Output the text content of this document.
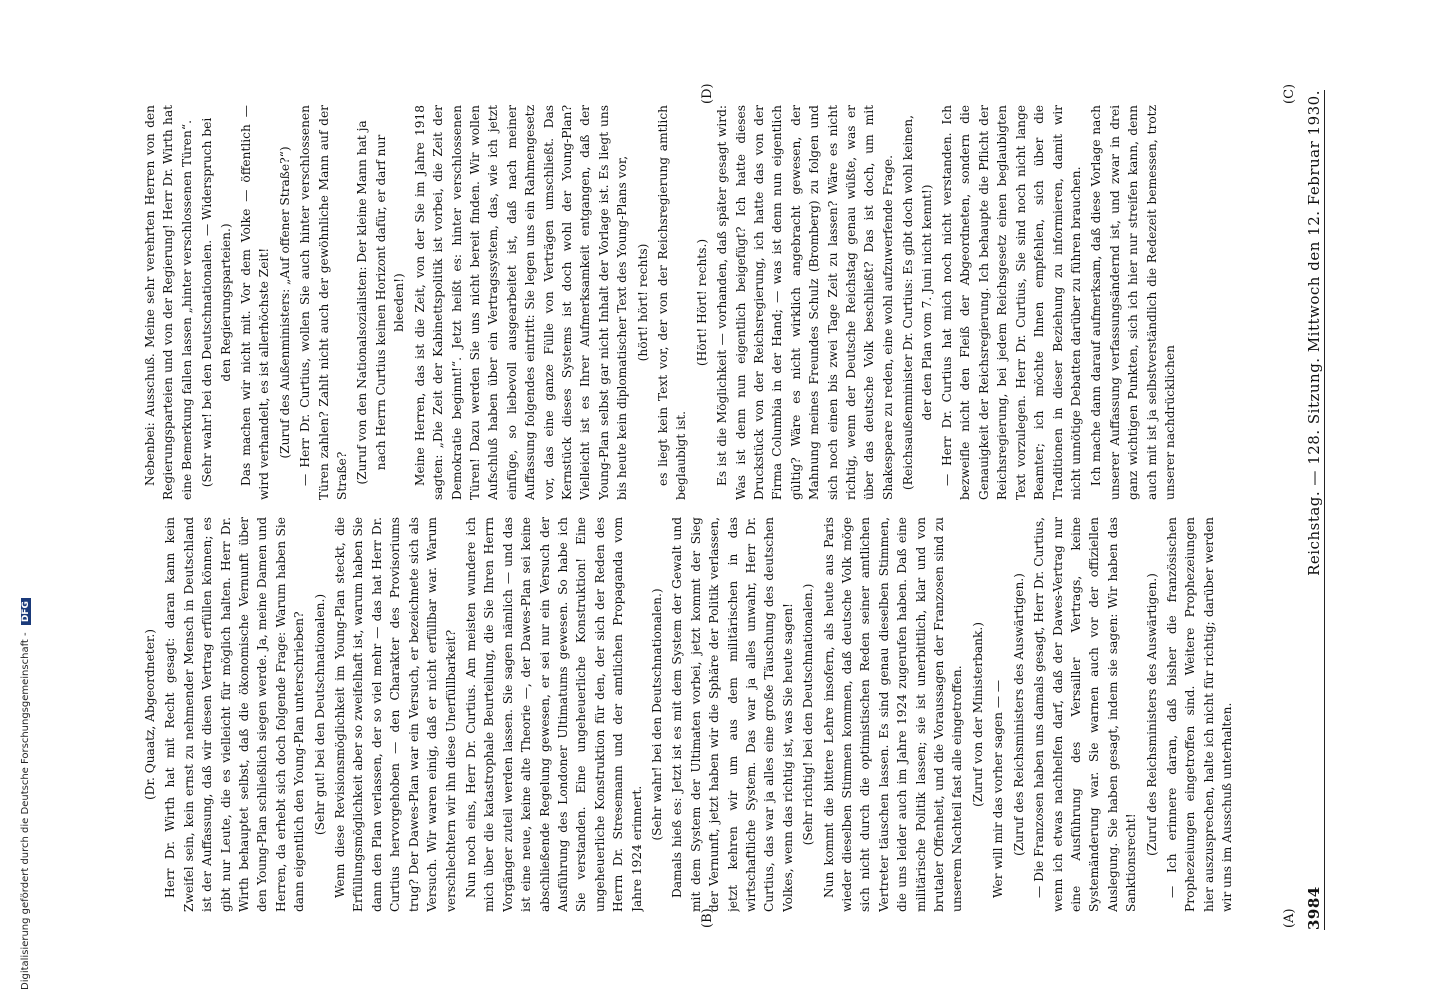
3984
Reichstag. — 128. Sitzung. Mittwoch den 12. Februar 1930.
(A)
(B)
(C)
(D)

(Dr. Quaatz, Abgeordneter.) Herr Dr. Wirth hat mit Recht gesagt: daran kann kein Zweifel sein, kein ernst zu nehmender Mensch in Deutschland ist der Auffassung, daß wir diesen Vertrag erfüllen können; es gibt nur Leute, die es vielleicht für möglich halten. Herr Dr. Wirth behauptet selbst, daß die ökonomische Vernunft über den Young-Plan schließlich siegen werde. Ja, meine Damen und Herren, da erhebt sich doch folgende Frage: Warum haben Sie dann eigentlich den Young-Plan unterschrieben? (Sehr gut! bei den Deutschnationalen.) Wenn diese Revisionsmöglichkeit im Young-Plan steckt, die Erfüllungsmöglichkeit aber so zweifelhaft ist, warum haben Sie dann den Plan verlassen, der so viel mehr — das hat Herr Dr. Curtius hervorgehoben — den Charakter des Provisoriums trug? Der Dawes-Plan war ein Versuch, er bezeichnete sich als Versuch. Wir waren einig, daß er nicht erfüllbar war. Warum verschlechtern wir ihn diese Unerfüllbarkeit? Nun noch eins, Herr Dr. Curtius. Am meisten wundere ich mich über die katastrophale Beurteilung, die Sie Ihren Herrn Vorgänger zuteil werden lassen. Sie sagen nämlich — und das ist eine neue, keine alte Theorie —, der Dawes-Plan sei keine abschließende Regelung gewesen, er sei nur ein Versuch der Ausführung des Londoner Ultimatums gewesen. So habe ich Sie verstanden. Eine ungeheuerliche Konstruktion! Eine ungeheuerliche Konstruktion für den, der sich der Reden des Herrn Dr. Stresemann und der amtlichen Propaganda vom Jahre 1924 erinnert.

(Sehr wahr! bei den Deutschnationalen.) Damals hieß es: Jetzt ist es mit dem System der Gewalt und mit dem System der Ultimaten vorbei, jetzt kommt der Sieg der Vernunft, jetzt haben wir die Sphäre der Politik verlassen, jetzt kehren wir um aus dem militärischen in das wirtschaftliche System. Das war ja alles unwahr, Herr Dr. Curtius, das war ja alles eine große Täuschung des deutschen Volkes, wenn das richtig ist, was Sie heute sagen! (Sehr richtig! bei den Deutschnationalen.) Nun kommt die bittere Lehre insofern, als heute aus Paris wieder dieselben Stimmen kommen, daß deutsche Volk möge sich nicht durch die optimistischen Reden seiner amtlichen Vertreter täuschen lassen. Es sind genau dieselben Stimmen, die uns leider auch im Jahre 1924 zugerufen haben. Daß eine militärische Politik lassen; sie ist unerbittlich, klar und von brutaler Offenheit, und die Voraussagen der Franzosen sind zu unserem Nachteil fast alle eingetroffen. (Zuruf von der Ministerbank.) Wer will mir das vorher sagen — — (Zuruf des Reichsministers des Auswärtigen.) — Die Franzosen haben uns damals gesagt, Herr Dr. Curtius, wenn ich etwas nachhelfen darf, daß der Dawes-Vertrag nur eine Ausführung des Versailler Vertrags, keine Systemänderung war. Sie warnen auch vor der offiziellen Auslegung. Sie haben gesagt, indem sie sagen: Wir haben das Sanktionsrecht!

(Zuruf des Reichsministers des Auswärtigen.) — Ich erinnere daran, daß bisher die französischen Prophezeiungen eingetroffen sind. Weitere Prophezeiungen hier auszusprechen, halte ich nicht für richtig; darüber werden wir uns im Ausschuß unterhalten.

Nebenbei: Ausschuß. Meine sehr verehrten Herren von den Regierungsparteien und von der Regierung! Herr Dr. Wirth hat eine Bemerkung fallen lassen „hinter verschlossenen Türen“. (Sehr wahr! bei den Deutschnationalen. — Widerspruch bei den Regierungsparteien.) Das machen wir nicht mit. Vor dem Volke — öffentlich — wird verhandelt, es ist allerhöchste Zeit! (Zuruf des Außenministers: „Auf offener Straße?“) — Herr Dr. Curtius, wollen Sie auch hinter verschlossenen Türen zahlen? Zahlt nicht auch der gewöhnliche Mann auf der Straße? (Zuruf von den Nationalsozialisten: Der kleine Mann hat ja nach Herrn Curtius keinen Horizont dafür, er darf nur bleeden!) Meine Herren, das ist die Zeit, von der Sie im Jahre 1918 sagten: „Die Zeit der Kabinettspolitik ist vorbei, die Zeit der Demokratie beginnt!“. Jetzt heißt es: hinter verschlossenen Türen! Dazu werden Sie uns nicht bereit finden. Wir wollen Aufschluß haben über ein Vertragssystem, das, wie ich jetzt einfüge, so liebevoll ausgearbeitet ist, daß nach meiner Auffassung folgendes eintritt: Sie legen uns ein Rahmengesetz vor, das eine ganze Fülle von Verträgen umschließt. Das Kernstück dieses Systems ist doch wohl der Young-Plan? Vielleicht ist es Ihrer Aufmerksamkeit entgangen, daß der Young-Plan selbst gar nicht Inhalt der Vorlage ist. Es liegt uns bis heute kein diplomatischer Text des Young-Plans vor, (hört! hört! rechts) es liegt kein Text vor, der von der Reichsregierung amtlich beglaubigt ist.

(Hört! Hört! rechts.) Es ist die Möglichkeit — vorhanden, daß später gesagt wird: Was ist denn nun eigentlich beigefügt? Ich hatte dieses Druckstück von der Reichsregierung, ich hatte das von der Firma Columbia in der Hand; — was ist denn nun eigentlich gültig? Wäre es nicht wirklich angebracht gewesen, der Mahnung meines Freundes Schulz (Bromberg) zu folgen und sich noch einen bis zwei Tage Zeit zu lassen? Wäre es nicht richtig, wenn der Deutsche Reichstag genau wüßte, was er über das deutsche Volk beschließt? Das ist doch, um mit Shakespeare zu reden, eine wohl aufzuwerfende Frage. (Reichsaußenminister Dr. Curtius: Es gibt doch wohl keinen, der den Plan vom 7. Juni nicht kennt!) — Herr Dr. Curtius hat mich noch nicht verstanden. Ich bezweifle nicht den Fleiß der Abgeordneten, sondern die Genauigkeit der Reichsregierung. Ich behaupte die Pflicht der Reichsregierung, bei jedem Reichsgesetz einen beglaubigten Text vorzulegen. Herr Dr. Curtius, Sie sind noch nicht lange Beamter; ich möchte Ihnen empfehlen, sich über die Traditionen in dieser Beziehung zu informieren, damit wir nicht unnötige Debatten darüber zu führen brauchen. Ich mache dann darauf aufmerksam, daß diese Vorlage nach unserer Auffassung verfassungsändernd ist, und zwar in drei ganz wichtigen Punkten, sich ich hier nur streifen kann, denn auch mit ist ja selbstverständlich die Redezeit bemessen, trotz unserer nachdrücklichen

Digitalisierung gefördert durch die Deutsche Forschungsgemeinschaft - DFG
